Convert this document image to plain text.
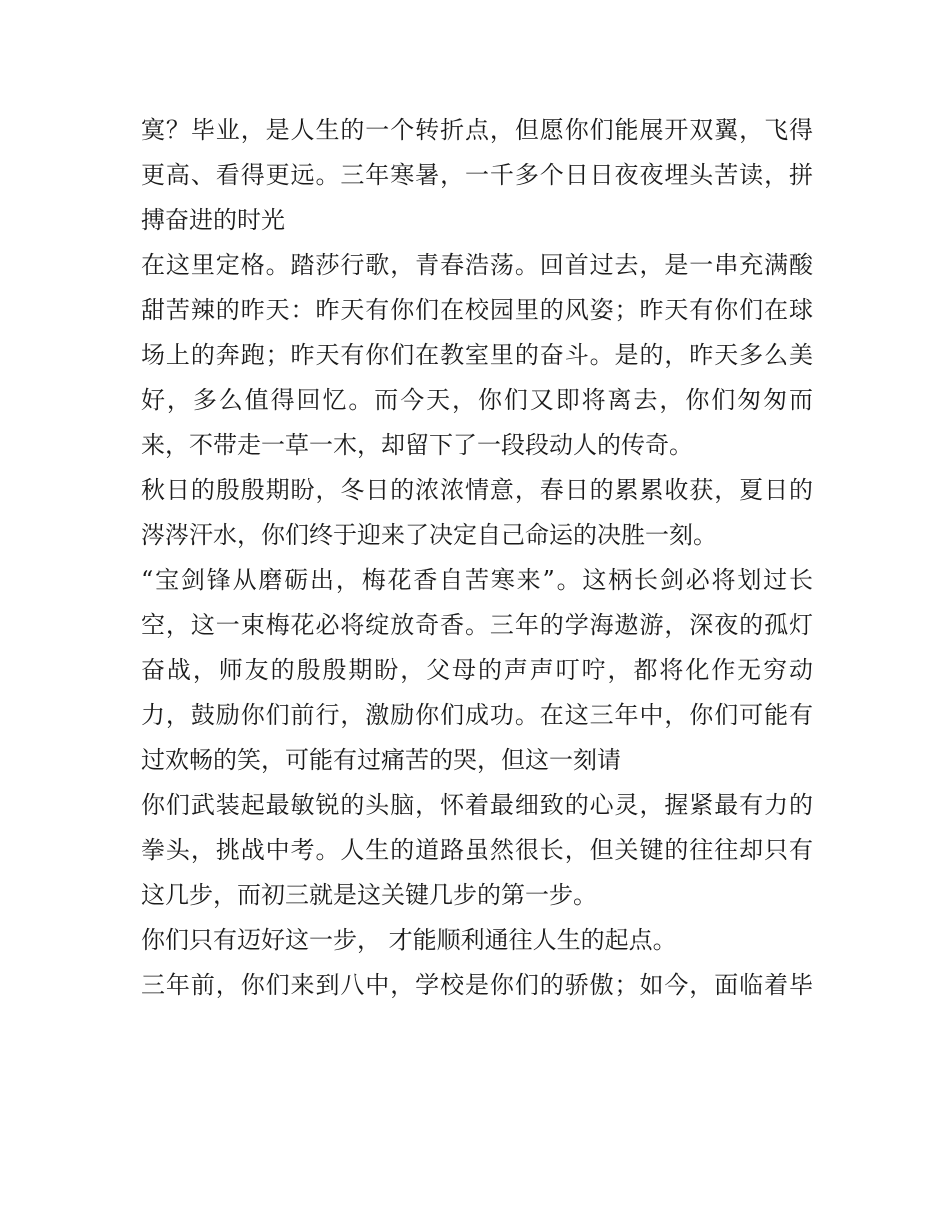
寞？毕业，是人生的一个转折点，但愿你们能展开双翼，飞得
更高、看得更远。三年寒暑，一千多个日日夜夜埋头苦读，拼
搏奋进的时光
在这里定格。踏莎行歌，青春浩荡。回首过去，是一串充满酸
甜苦辣的昨天：昨天有你们在校园里的风姿；昨天有你们在球
场上的奔跑；昨天有你们在教室里的奋斗。是的，昨天多么美
好，多么值得回忆。而今天，你们又即将离去，你们匆匆而
来，不带走一草一木，却留下了一段段动人的传奇。
秋日的殷殷期盼，冬日的浓浓情意，春日的累累收获，夏日的
涔涔汗水，你们终于迎来了决定自己命运的决胜一刻。
“宝剑锋从磨砺出，梅花香自苦寒来”。这柄长剑必将划过长
空，这一束梅花必将绽放奇香。三年的学海遨游，深夜的孤灯
奋战，师友的殷殷期盼，父母的声声叮咛，都将化作无穷动
力，鼓励你们前行，激励你们成功。在这三年中，你们可能有
过欢畅的笑，可能有过痛苦的哭，但这一刻请
你们武装起最敏锐的头脑，怀着最细致的心灵，握紧最有力的
拳头，挑战中考。人生的道路虽然很长，但关键的往往却只有
这几步，而初三就是这关键几步的第一步。
你们只有迈好这一步， 才能顺利通往人生的起点。
三年前，你们来到八中，学校是你们的骄傲；如今，面临着毕
